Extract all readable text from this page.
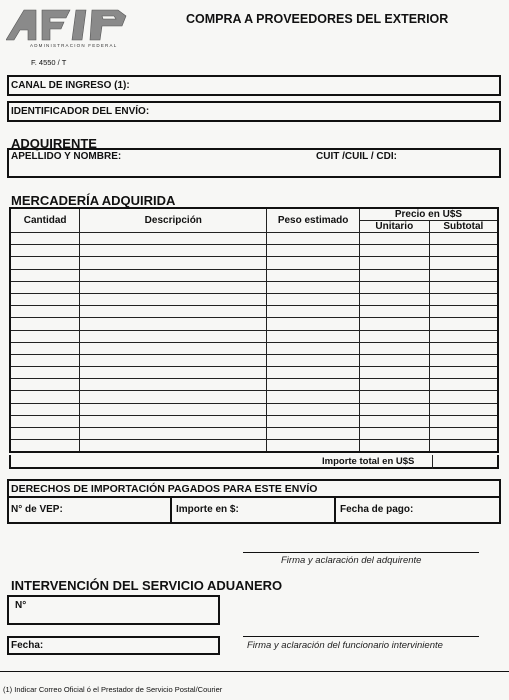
ADMINISTRACION FEDERAL
COMPRA A PROVEEDORES DEL EXTERIOR
F. 4550 / T
CANAL DE INGRESO (1):
IDENTIFICADOR DEL ENVÍO:
ADQUIRENTE
APELLIDO Y NOMBRE:	CUIT /CUIL / CDI:
MERCADERÍA ADQUIRIDA
Cantidad	Descripción	Peso estimado	Precio en U$S	
			Unitario	Subtotal

Importe total en U$S
DERECHOS DE IMPORTACIÓN PAGADOS PARA ESTE ENVÍO
N° de VEP:	Importe en $:	Fecha de pago:
Firma y aclaración del adquirente
INTERVENCIÓN DEL SERVICIO ADUANERO
N°
Fecha:	Firma y aclaración del funcionario interviniente
(1) Indicar Correo Oficial ó el Prestador de Servicio Postal/Courier
